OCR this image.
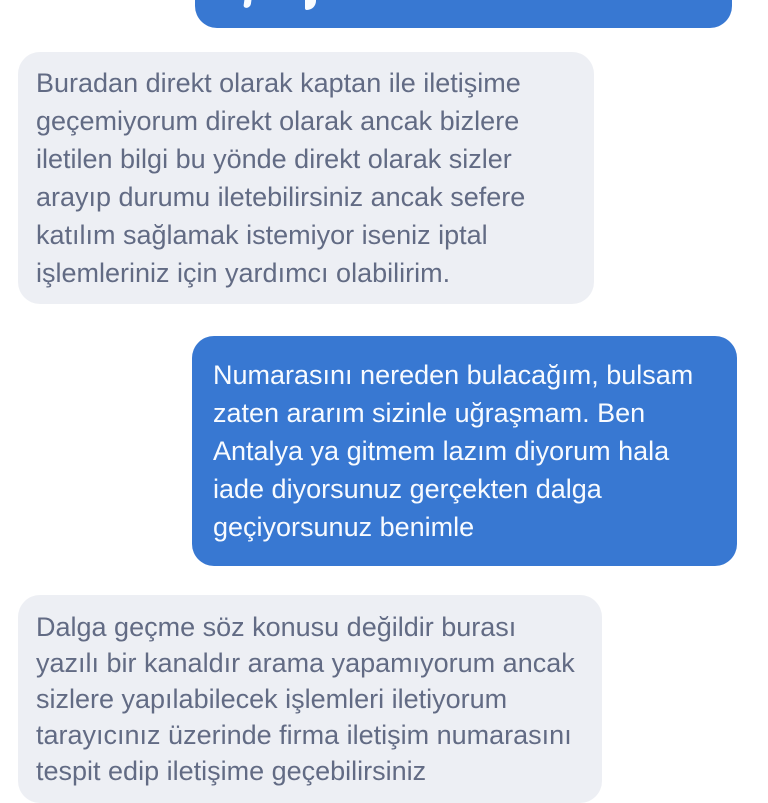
Buradan direkt olarak kaptan ile iletişime
geçemiyorum direkt olarak ancak bizlere
iletilen bilgi bu yönde direkt olarak sizler
arayıp durumu iletebilirsiniz ancak sefere
katılım sağlamak istemiyor iseniz iptal
işlemleriniz için yardımcı olabilirim.
Numarasını nereden bulacağım, bulsam
zaten ararım sizinle uğraşmam. Ben
Antalya ya gitmem lazım diyorum hala
iade diyorsunuz gerçekten dalga
geçiyorsunuz benimle
Dalga geçme söz konusu değildir burası
yazılı bir kanaldır arama yapamıyorum ancak
sizlere yapılabilecek işlemleri iletiyorum
tarayıcınız üzerinde firma iletişim numarasını
tespit edip iletişime geçebilirsiniz
